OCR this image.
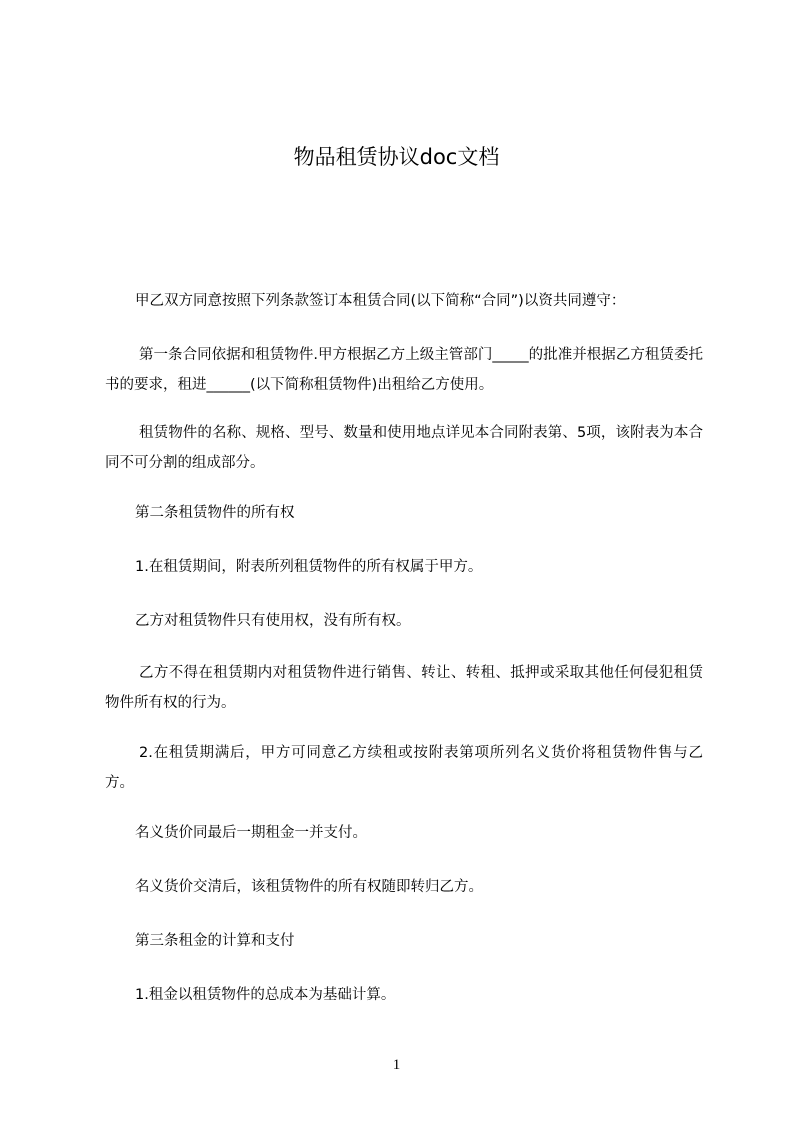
物品租赁协议doc文档

甲乙双方同意按照下列条款签订本租赁合同(以下简称“合同”)以资共同遵守：

第一条合同依据和租赁物件.甲方根据乙方上级主管部门_____的批准并根据乙方租赁委托书的要求，租进______(以下简称租赁物件)出租给乙方使用。

租赁物件的名称、规格、型号、数量和使用地点详见本合同附表第、5项，该附表为本合同不可分割的组成部分。

第二条租赁物件的所有权

1.在租赁期间，附表所列租赁物件的所有权属于甲方。

乙方对租赁物件只有使用权，没有所有权。

乙方不得在租赁期内对租赁物件进行销售、转让、转租、抵押或采取其他任何侵犯租赁物件所有权的行为。

2.在租赁期满后，甲方可同意乙方续租或按附表第项所列名义货价将租赁物件售与乙方。

名义货价同最后一期租金一并支付。

名义货价交清后，该租赁物件的所有权随即转归乙方。

第三条租金的计算和支付

1.租金以租赁物件的总成本为基础计算。

1
